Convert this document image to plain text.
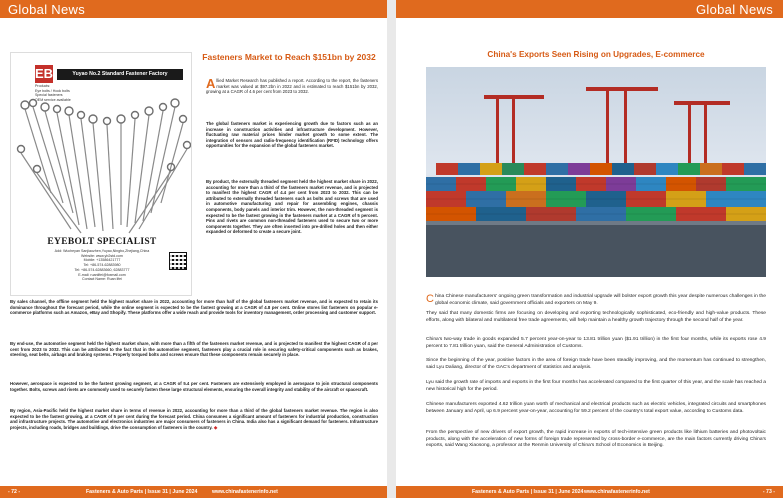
Global News
EB	Yuyao No.2 Standard Fastener Factory
Products:
Eye bolts / Hook bolts
Special fasteners
OEM service available
EYEBOLT SPECIALIST
Add: Wucheyan Sanjiaozhen,Yuyao,Ningbo,Zhejiang,China
Website: www.yb2std.com
Mobile: +13586421777
Tel: +86-574-62883980
Tel: +86-574-62883660, 62883777
E-mail: ruanlifei@foxmail.com
Contact Name: Ruan lifei
Fasteners Market to Reach $151bn by 2032
Allied Market Research has published a report. According to the report, the fasteners market was valued at $97.2bn in 2022 and is estimated to reach $151bn by 2032, growing at a CAGR of 4.6 per cent from 2023 to 2032.
The global fasteners market is experiencing growth due to factors such as an increase in construction activities and infrastructure development. However, fluctuating raw material prices hinder market growth to some extent. The integration of sensors and radio-frequency identification (RFID) technology offers opportunities for the expansion of the global fasteners market.
By product, the externally threaded segment held the highest market share in 2022, accounting for more than a third of the fasteners market revenue, and is projected to manifest the highest CAGR of 4.4 per cent from 2023 to 2032. This can be attributed to externally threaded fasteners such as bolts and screws that are used in automotive manufacturing and repair for assembling engines, chassis components, body panels and interior trim. However, the non-threaded segment is expected to be the fastest growing in the fasteners market at a CAGR of 5 percent. Pins and rivets are common non-threaded fasteners used to secure two or more components together. They are often inserted into pre-drilled holes and then either expanded or deformed to create a secure joint.
By sales channel, the offline segment held the highest market share in 2022, accounting for more than half of the global fasteners market revenue, and is expected to retain its dominance throughout the forecast period, while the online segment is expected to be the fastest growing at a CAGR of 4.8 per cent. Online stores list fasteners on popular e-commerce platforms such as Amazon, eBay and Shopify. These platforms offer a wide reach and provide tools for inventory management, order processing and customer support.
By end-use, the automotive segment held the highest market share, with more than a fifth of the fasteners market revenue, and is projected to manifest the highest CAGR of 4 per cent from 2023 to 2032. This can be attributed to the fact that in the automotive segment, fasteners play a crucial role in securing safety-critical components such as brakes, steering, seat belts, airbags and braking systems. Properly torqued bolts and screws ensure that these components remain securely in place.
However, aerospace is expected to be the fastest growing segment, at a CAGR of 5.4 per cent. Fasteners are extensively employed in aerospace to join structural components together. Bolts, screws and rivets are commonly used to securely fasten these large structural elements, ensuring the overall integrity and stability of the aircraft or spacecraft.
By region, Asia-Pacific held the highest market share in terms of revenue in 2022, accounting for more than a third of the global fasteners market revenue. The region is also expected to be the fastest growing, at a CAGR of 5 per cent during the forecast period. China consumes a significant amount of fasteners for industrial production, construction and infrastructure projects. The automotive and electronics industries are major consumers of fasteners in China. India also has a significant demand for fasteners. Infrastructure projects, including roads, bridges and buildings, drive the consumption of fasteners in the country. ◆
- 72 -	Fasteners & Auto Parts | Issue 31 | June 2024	www.chinafastenerinfo.net
Global News
China's Exports Seen Rising on Upgrades, E-commerce
China Chinese manufacturers' ongoing green transformation and industrial upgrade will bolster export growth this year despite numerous challenges in the global economic climate, said government officials and exporters on May 9.
They said that many domestic firms are focusing on developing and exporting technologically sophisticated, eco-friendly and high-value products. These efforts, along with bilateral and multilateral free trade agreements, will help maintain a healthy growth trajectory through the second half of the year.
China's two-way trade in goods expanded 5.7 percent year-on-year to 13.81 trillion yuan ($1.91 trillion) in the first four months, while its exports rose 4.9 percent to 7.81 trillion yuan, said the General Administration of Customs.
Since the beginning of the year, positive factors in the area of foreign trade have been steadily improving, and the momentum has continued to strengthen, said Lyu Daliang, director of the GAC's department of statistics and analysis.
Lyu said the growth rate of imports and exports in the first four months has accelerated compared to the first quarter of this year, and the scale has reached a new historical high for the period.
Chinese manufacturers exported 4.62 trillion yuan worth of mechanical and electrical products such as electric vehicles, integrated circuits and smartphones between January and April, up 6.9 percent year-on-year, accounting for 59.2 percent of the country's total export value, according to Customs data.
From the perspective of new drivers of export growth, the rapid increase in exports of tech-intensive green products like lithium batteries and photovoltaic products, along with the acceleration of new forms of foreign trade represented by cross-border e-commerce, are the main factors currently driving China's exports, said Wang Xiaosong, a professor at the Renmin University of China's School of Economics in Beijing.
Fasteners & Auto Parts | Issue 31 | June 2024 www.chinafastenerinfo.net	- 73 -
